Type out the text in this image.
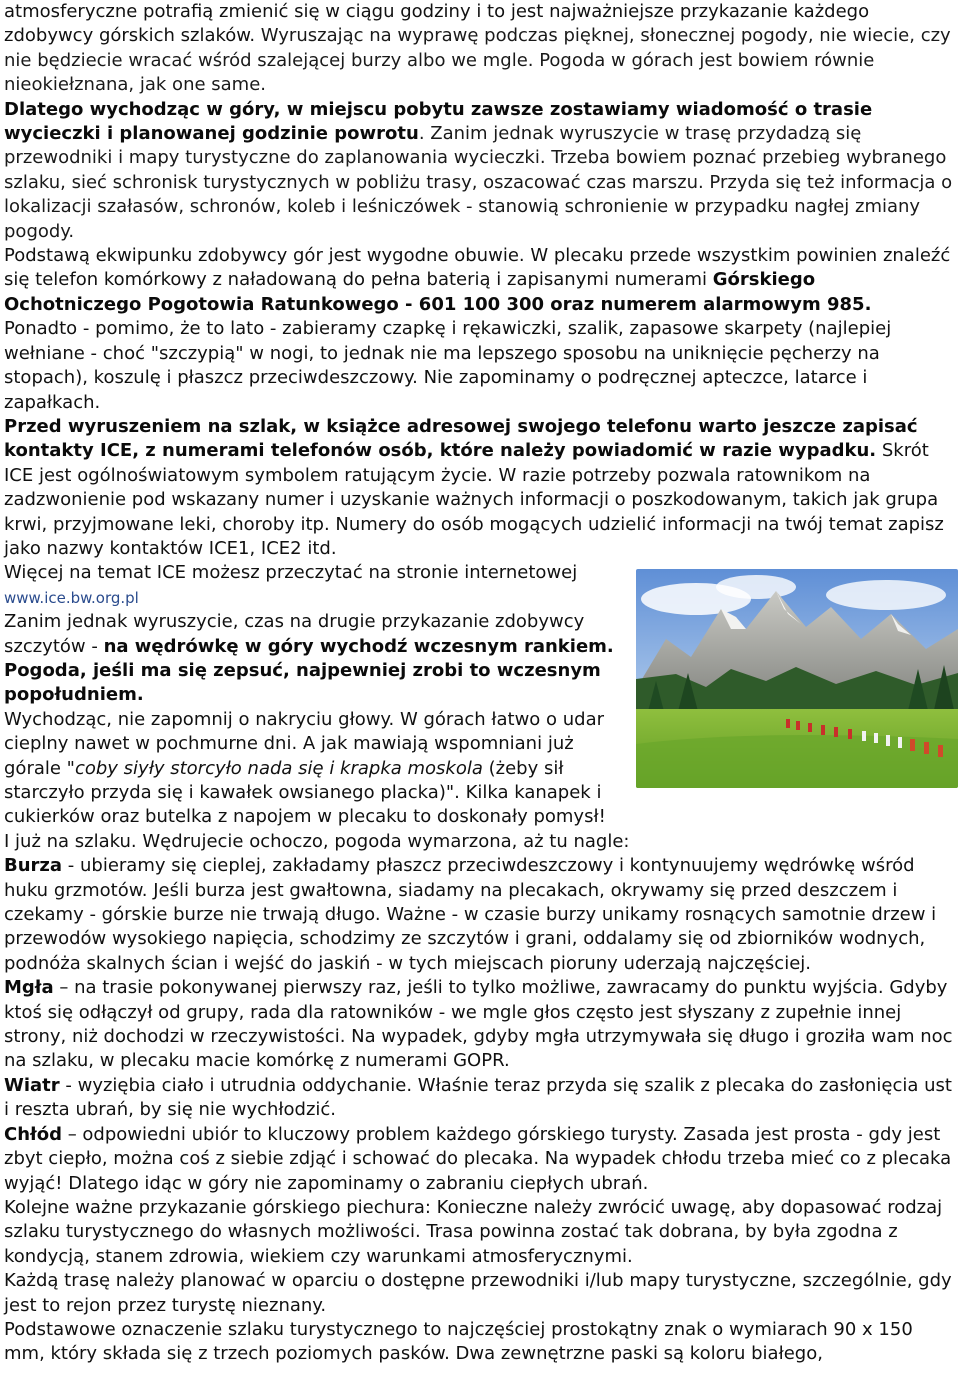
atmosferyczne potrafią zmienić się w ciągu godziny i to jest najważniejsze przykazanie każdego zdobywcy górskich szlaków. Wyruszając na wyprawę podczas pięknej, słonecznej pogody, nie wiecie, czy nie będziecie wracać wśród szalejącej burzy albo we mgle. Pogoda w górach jest bowiem równie nieokiełznana, jak one same.

Dlatego wychodząc w góry, w miejscu pobytu zawsze zostawiamy wiadomość o trasie wycieczki i planowanej godzinie powrotu. Zanim jednak wyruszycie w trasę przydadzą się przewodniki i mapy turystyczne do zaplanowania wycieczki. Trzeba bowiem poznać przebieg wybranego szlaku, sieć schronisk turystycznych w pobliżu trasy, oszacować czas marszu. Przyda się też informacja o lokalizacji szałasów, schronów, koleb i leśniczówek - stanowią schronienie w przypadku nagłej zmiany pogody.

Podstawą ekwipunku zdobywcy gór jest wygodne obuwie. W plecaku przede wszystkim powinien znaleźć się telefon komórkowy z naładowaną do pełna baterią i zapisanymi numerami Górskiego Ochotniczego Pogotowia Ratunkowego - 601 100 300 oraz numerem alarmowym 985.

Ponadto - pomimo, że to lato - zabieramy czapkę i rękawiczki, szalik, zapasowe skarpety (najlepiej wełniane - choć "szczypią" w nogi, to jednak nie ma lepszego sposobu na uniknięcie pęcherzy na stopach), koszulę i płaszcz przeciwdeszczowy. Nie zapominamy o podręcznej apteczce, latarce i zapałkach.

Przed wyruszeniem na szlak, w książce adresowej swojego telefonu warto jeszcze zapisać kontakty ICE, z numerami telefonów osób, które należy powiadomić w razie wypadku. Skrót ICE jest ogólnoświatowym symbolem ratującym życie. W razie potrzeby pozwala ratownikom na zadzwonienie pod wskazany numer i uzyskanie ważnych informacji o poszkodowanym, takich jak grupa krwi, przyjmowane leki, choroby itp. Numery do osób mogących udzielić informacji na twój temat zapisz jako nazwy kontaktów ICE1, ICE2 itd.

Więcej na temat ICE możesz przeczytać na stronie internetowej www.ice.bw.org.pl

Zanim jednak wyruszycie, czas na drugie przykazanie zdobywcy szczytów - na wędrówkę w góry wychodź wczesnym rankiem. Pogoda, jeśli ma się zepsuć, najpewniej zrobi to wczesnym popołudniem.

Wychodząc, nie zapomnij o nakryciu głowy. W górach łatwo o udar cieplny nawet w pochmurne dni. A jak mawiają wspomniani już górale "coby siyły storcyło nada się i krapka moskola (żeby sił starczyło przyda się i kawałek owsianego placka)". Kilka kanapek i cukierków oraz butelka z napojem w plecaku to doskonały pomysł!

I już na szlaku. Wędrujecie ochoczo, pogoda wymarzona, aż tu nagle:

Burza - ubieramy się cieplej, zakładamy płaszcz przeciwdeszczowy i kontynuujemy wędrówkę wśród huku grzmotów. Jeśli burza jest gwałtowna, siadamy na plecakach, okrywamy się przed deszczem i czekamy - górskie burze nie trwają długo. Ważne - w czasie burzy unikamy rosnących samotnie drzew i przewodów wysokiego napięcia, schodzimy ze szczytów i grani, oddalamy się od zbiorników wodnych, podnóża skalnych ścian i wejść do jaskiń - w tych miejscach pioruny uderzają najczęściej.

Mgła – na trasie pokonywanej pierwszy raz, jeśli to tylko możliwe, zawracamy do punktu wyjścia. Gdyby ktoś się odłączył od grupy, rada dla ratowników - we mgle głos często jest słyszany z zupełnie innej strony, niż dochodzi w rzeczywistości. Na wypadek, gdyby mgła utrzymywała się długo i groziła wam noc na szlaku, w plecaku macie komórkę z numerami GOPR.

Wiatr - wyziębia ciało i utrudnia oddychanie. Właśnie teraz przyda się szalik z plecaka do zasłonięcia ust i reszta ubrań, by się nie wychłodzić.

Chłód – odpowiedni ubiór to kluczowy problem każdego górskiego turysty. Zasada jest prosta - gdy jest zbyt ciepło, można coś z siebie zdjąć i schować do plecaka. Na wypadek chłodu trzeba mieć co z plecaka wyjąć! Dlatego idąc w góry nie zapominamy o zabraniu ciepłych ubrań.

Kolejne ważne przykazanie górskiego piechura: Konieczne należy zwrócić uwagę, aby dopasować rodzaj szlaku turystycznego do własnych możliwości. Trasa powinna zostać tak dobrana, by była zgodna z kondycją, stanem zdrowia, wiekiem czy warunkami atmosferycznymi.

Każdą trasę należy planować w oparciu o dostępne przewodniki i/lub mapy turystyczne, szczególnie, gdy jest to rejon przez turystę nieznany.

Podstawowe oznaczenie szlaku turystycznego to najczęściej prostokątny znak o wymiarach 90 x 150 mm, który składa się z trzech poziomych pasków. Dwa zewnętrzne paski są koloru białego,
